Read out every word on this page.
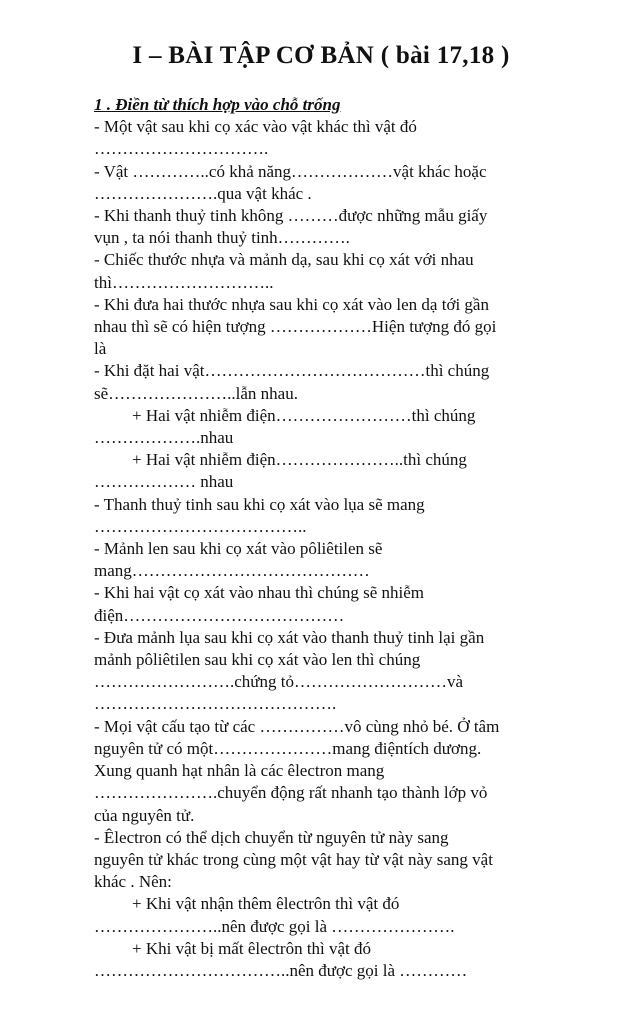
I – BÀI TẬP CƠ BẢN ( bài 17,18 )

1 . Điền từ thích hợp vào chỗ trống

- Một vật sau khi cọ xác vào vật khác thì vật đó

………………………….

- Vật …………..có khả năng………………vật khác hoặc

………………….qua vật khác .

- Khi thanh thuỷ tinh không ………được những mẫu giấy

vụn , ta nói thanh thuỷ tinh………….

- Chiếc thước nhựa và mảnh dạ, sau khi cọ xát với nhau

thì………………………..

- Khi đưa hai thước nhựa sau khi cọ xát vào len dạ tới gần

nhau thì sẽ có hiện tượng ………………Hiện tượng đó gọi

là

- Khi đặt hai vật…………………………………thì chúng

sẽ…………………..lẫn nhau.

+ Hai vật nhiễm điện……………………thì chúng

……………….nhau

+ Hai vật nhiễm điện…………………..thì chúng

……………… nhau

- Thanh thuỷ tinh sau khi cọ xát vào lụa sẽ mang

………………………………..

- Mảnh len sau khi cọ xát vào pôliêtilen sẽ

mang……………………………………

- Khi hai vật cọ xát vào nhau thì chúng sẽ nhiễm

điện…………………………………

- Đưa mảnh lụa sau khi cọ xát vào thanh thuỷ tinh lại gần

mảnh pôliêtilen sau khi cọ xát vào len thì chúng

…………………….chứng tỏ………………………và

…………………………………….

- Mọi vật cấu tạo từ các ……………vô cùng nhỏ bé. Ở tâm

nguyên tử có một…………………mang điệntích dương.

Xung quanh hạt nhân là các êlectron mang

………………….chuyển động rất nhanh tạo thành lớp vỏ

của nguyên tử.

- Êlectron có thể dịch chuyển từ nguyên tử này sang

nguyên tử khác trong cùng một vật hay từ vật này sang vật

khác . Nên:

+ Khi vật nhận thêm êlectrôn thì vật đó

…………………..nên được gọi là ………………….

+ Khi vật bị mất êlectrôn thì vật đó

……………………………..nên được gọi là …………
